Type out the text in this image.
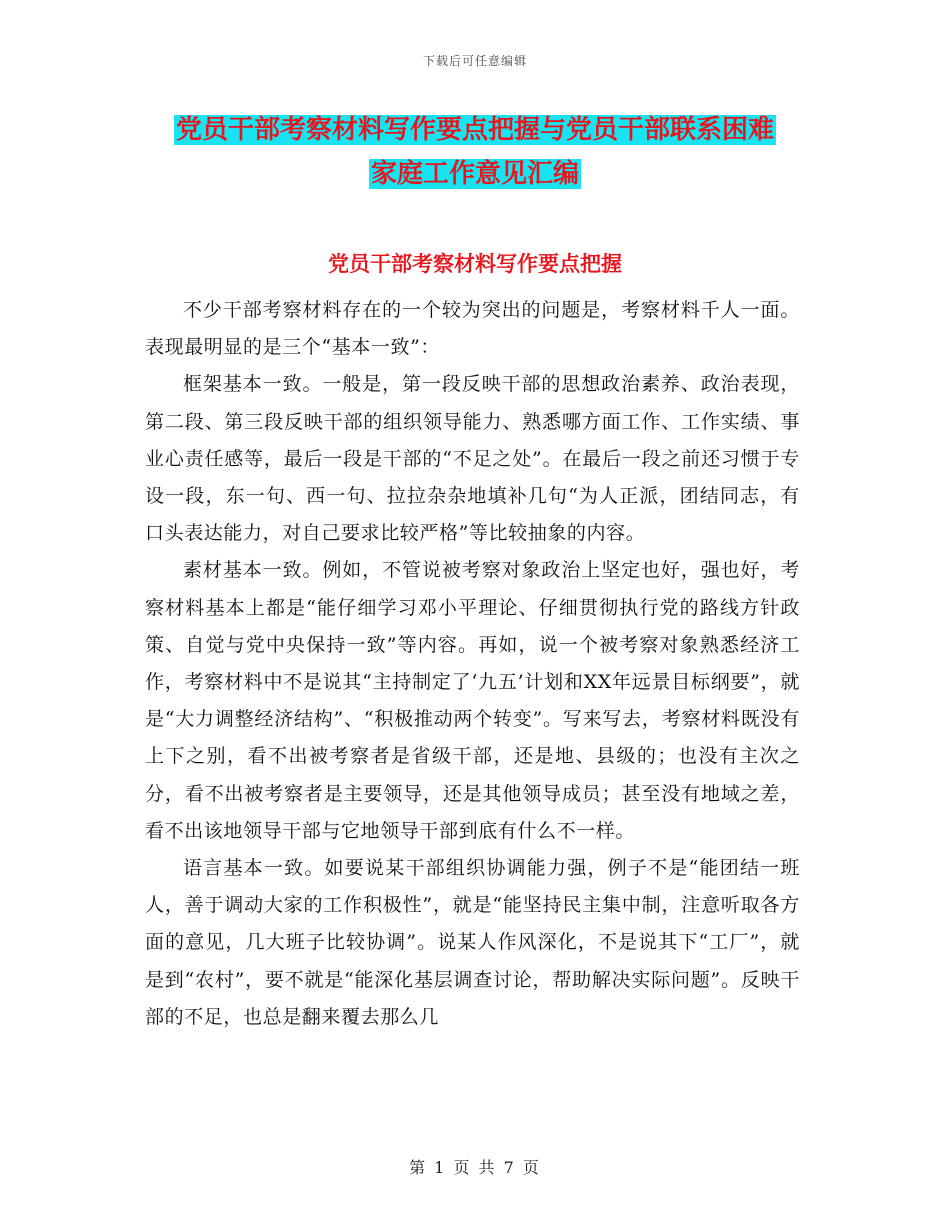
下载后可任意编辑
党员干部考察材料写作要点把握与党员干部联系困难
家庭工作意见汇编
党员干部考察材料写作要点把握

不少干部考察材料存在的一个较为突出的问题是，考察材料千人一面。表现最明显的是三个“基本一致”：

框架基本一致。一般是，第一段反映干部的思想政治素养、政治表现，第二段、第三段反映干部的组织领导能力、熟悉哪方面工作、工作实绩、事业心责任感等，最后一段是干部的“不足之处”。在最后一段之前还习惯于专设一段，东一句、西一句、拉拉杂杂地填补几句“为人正派，团结同志，有口头表达能力，对自己要求比较严格”等比较抽象的内容。

素材基本一致。例如，不管说被考察对象政治上坚定也好，强也好，考察材料基本上都是“能仔细学习邓小平理论、仔细贯彻执行党的路线方针政策、自觉与党中央保持一致”等内容。再如，说一个被考察对象熟悉经济工作，考察材料中不是说其“主持制定了‘九五’计划和XX年远景目标纲要”，就是“大力调整经济结构”、“积极推动两个转变”。写来写去，考察材料既没有上下之别，看不出被考察者是省级干部，还是地、县级的；也没有主次之分，看不出被考察者是主要领导，还是其他领导成员；甚至没有地域之差，看不出该地领导干部与它地领导干部到底有什么不一样。

语言基本一致。如要说某干部组织协调能力强，例子不是“能团结一班人，善于调动大家的工作积极性”，就是“能坚持民主集中制，注意听取各方面的意见，几大班子比较协调”。说某人作风深化，不是说其下“工厂”，就是到“农村”，要不就是“能深化基层调查讨论，帮助解决实际问题”。反映干部的不足，也总是翻来覆去那么几

第 1 页 共 7 页
